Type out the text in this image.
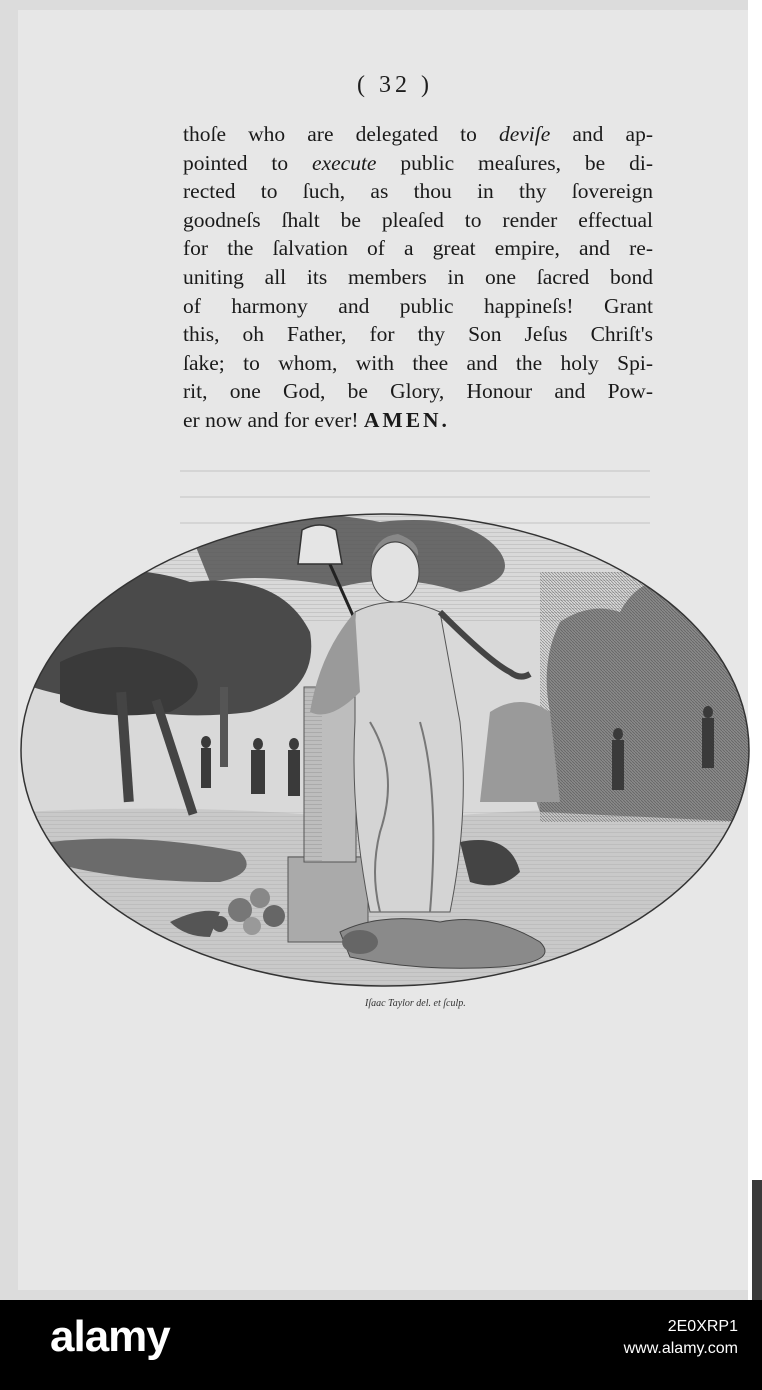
( 32 )
thoſe who are delegated to deviſe and ap-
pointed to execute public meaſures, be di-
rected to ſuch, as thou in thy ſovereign
goodneſs ſhalt be pleaſed to render effectual
for the ſalvation of a great empire, and re-
uniting all its members in one ſacred bond
of harmony and public happineſs! Grant
this, oh Father, for thy Son Jeſus Chriſt's
ſake; to whom, with thee and the holy Spi-
rit, one God, be Glory, Honour and Pow-
er now and for ever! AMEN.
Iſaac Taylor del. et ſculp.
alamy	2E0XRP1
www.alamy.com
